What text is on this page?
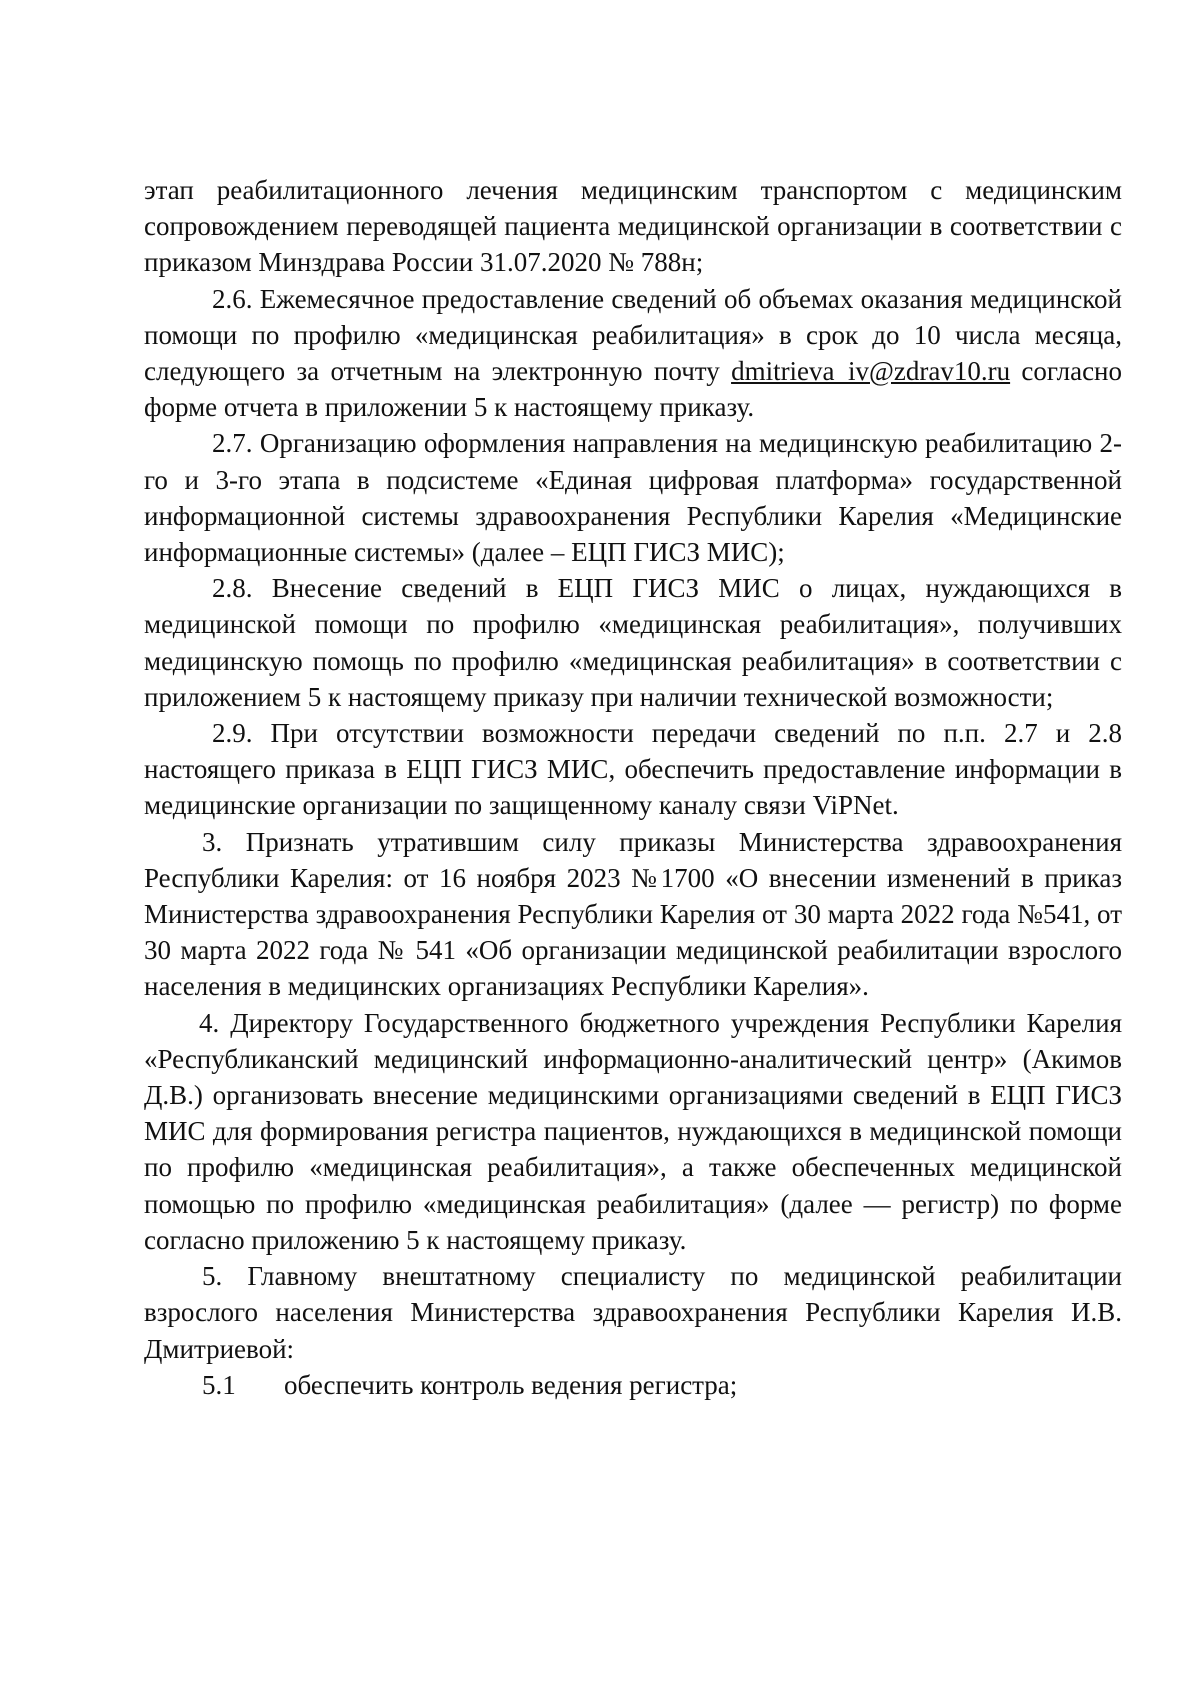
этап реабилитационного лечения медицинским транспортом с медицинским сопровождением переводящей пациента медицинской организации в соответствии с приказом Минздрава России 31.07.2020 № 788н;

2.6. Ежемесячное предоставление сведений об объемах оказания медицинской помощи по профилю «медицинская реабилитация» в срок до 10 числа месяца, следующего за отчетным на электронную почту dmitrieva_iv@zdrav10.ru согласно форме отчета в приложении 5 к настоящему приказу.

2.7. Организацию оформления направления на медицинскую реабилитацию 2-го и 3-го этапа в подсистеме «Единая цифровая платформа» государственной информационной системы здравоохранения Республики Карелия «Медицинские информационные системы» (далее – ЕЦП ГИСЗ МИС);

2.8. Внесение сведений в ЕЦП ГИСЗ МИС о лицах, нуждающихся в медицинской помощи по профилю «медицинская реабилитация», получивших медицинскую помощь по профилю «медицинская реабилитация» в соответствии с приложением 5 к настоящему приказу при наличии технической возможности;

2.9. При отсутствии возможности передачи сведений по п.п. 2.7 и 2.8 настоящего приказа в ЕЦП ГИСЗ МИС, обеспечить предоставление информации в медицинские организации по защищенному каналу связи ViPNet.

3. Признать утратившим силу приказы Министерства здравоохранения Республики Карелия: от 16 ноября 2023 №1700 «О внесении изменений в приказ Министерства здравоохранения Республики Карелия от 30 марта 2022 года №541, от 30 марта 2022 года № 541 «Об организации медицинской реабилитации взрослого населения в медицинских организациях Республики Карелия».

4. Директору Государственного бюджетного учреждения Республики Карелия «Республиканский медицинский информационно-аналитический центр» (Акимов Д.В.) организовать внесение медицинскими организациями сведений в ЕЦП ГИСЗ МИС для формирования регистра пациентов, нуждающихся в медицинской помощи по профилю «медицинская реабилитация», а также обеспеченных медицинской помощью по профилю «медицинская реабилитация» (далее — регистр) по форме согласно приложению 5 к настоящему приказу.

5. Главному внештатному специалисту по медицинской реабилитации взрослого населения Министерства здравоохранения Республики Карелия И.В. Дмитриевой:

5.1 обеспечить контроль ведения регистра;
